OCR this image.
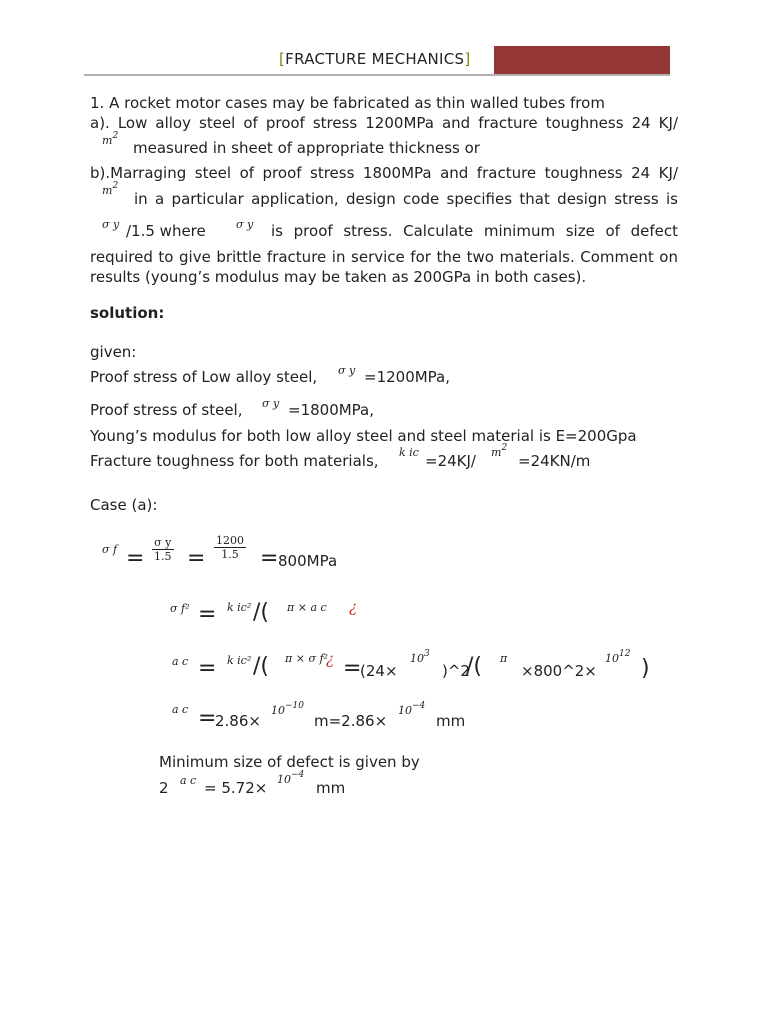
[FRACTURE MECHANICS]
1. A rocket motor cases may be fabricated as thin walled tubes from
a). Low alloy steel of proof stress 1200MPa and fracture toughness 24 KJ/
$m^2$
measured in sheet of appropriate thickness or
b).Marraging steel of proof stress 1800MPa and fracture toughness 24 KJ/
$m^2$
in a particular application, design code specifies that design stress is
σ y /1.5 where	σ y is proof stress. Calculate minimum size of defect
required to give brittle fracture in service for the two materials. Comment on
results (young’s modulus may be taken as 200GPa in both cases).
solution:
given:
Proof stress of Low alloy steel, σ y =1200MPa,
Proof stress of steel, σ y =1800MPa,
Young’s modulus for both low alloy steel and steel material is E=200Gpa
Fracture toughness for both materials, k ic =24KJ/ $m^2$
=24KN/m
Case (a):
σ $f = \frac{\text{σ y}}{1.5} = \frac{1200}{1.5} = 800MPa$
σ f² = k ic² /( π × a c ¿
a c = k ic² /( π × σ f²
¿ =
(24×
$10^3$
)^2
/( π
×800^2×
$10^{12}$
)
a c =
2.86×
$10^{-10}$
m=2.86×
$10^{-4}$
mm
Minimum size of defect is given by
2 a $c = 5.72\times 10^{-4}$
mm
